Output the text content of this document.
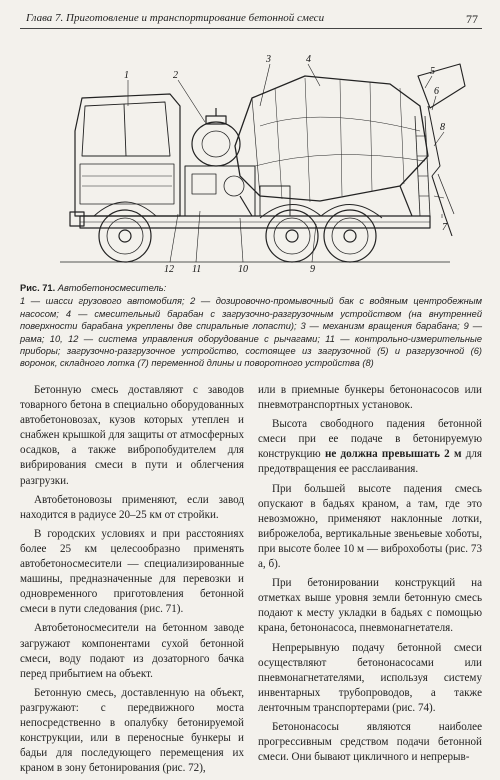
Глава 7. Приготовление и транспортирование бетонной смеси	77
1	2
3	4
5
6
7
8
9
10
11
12
Рис. 71. Автобетоносмеситель:
1 — шасси грузового автомобиля; 2 — дозировочно-промывочный бак с водяным центробежным насосом; 4 — смесительный барабан с загрузочно-разгрузочным устройством (на внутренней поверхности барабана укреплены две спиральные лопасти); 3 — механизм вращения барабана; 9 — рама; 10, 12 — система управления оборудование с рычагами; 11 — контрольно-измерительные приборы; загрузочно-разгрузочное устройство, состоящее из загрузочной (5) и разгрузочной (6) воронок, складного лотка (7) переменной длины и поворотного устройства (8)

Бетонную смесь доставляют с заводов товарного бетона в специально оборудованных автобетоновозах, кузов которых утеплен и снабжен крышкой для защиты от атмосферных осадков, а также вибропобудителем для вибрирования смеси в пути и облегчения разгрузки.

Автобетоновозы применяют, если завод находится в радиусе 20–25 км от стройки.

В городских условиях и при расстояниях более 25 км целесообразно применять автобетоносмесители — специализированные машины, предназначенные для перевозки и одновременного приготовления бетонной смеси в пути следования (рис. 71).

Автобетоносмесители на бетонном заводе загружают компонентами сухой бетонной смеси, воду подают из дозаторного бачка перед прибытием на объект.

Бетонную смесь, доставленную на объект, разгружают: с передвижного моста непосредственно в опалубку бетонируемой конструкции, или в переносные бункеры и бадьи для последующего перемещения их краном в зону бетонирования (рис. 72),

или в приемные бункеры бетононасосов или пневмотранспортных установок.

Высота свободного падения бетонной смеси при ее подаче в бетонируемую конструкцию не должна превышать 2 м для предотвращения ее расслаивания.

При большей высоте падения смесь опускают в бадьях краном, а там, где это невозможно, применяют наклонные лотки, виброжелоба, вертикальные звеньевые хоботы, при высоте более 10 м — виброхоботы (рис. 73 а, б).

При бетонировании конструкций на отметках выше уровня земли бетонную смесь подают к месту укладки в бадьях с помощью крана, бетононасоса, пневмонагнетателя.

Непрерывную подачу бетонной смеси осуществляют бетононасосами или пневмонагнетателями, используя систему инвентарных трубопроводов, а также ленточным транспортерами (рис. 74).

Бетононасосы являются наиболее прогрессивным средством подачи бетонной смеси. Они бывают цикличного и непрерыв-
